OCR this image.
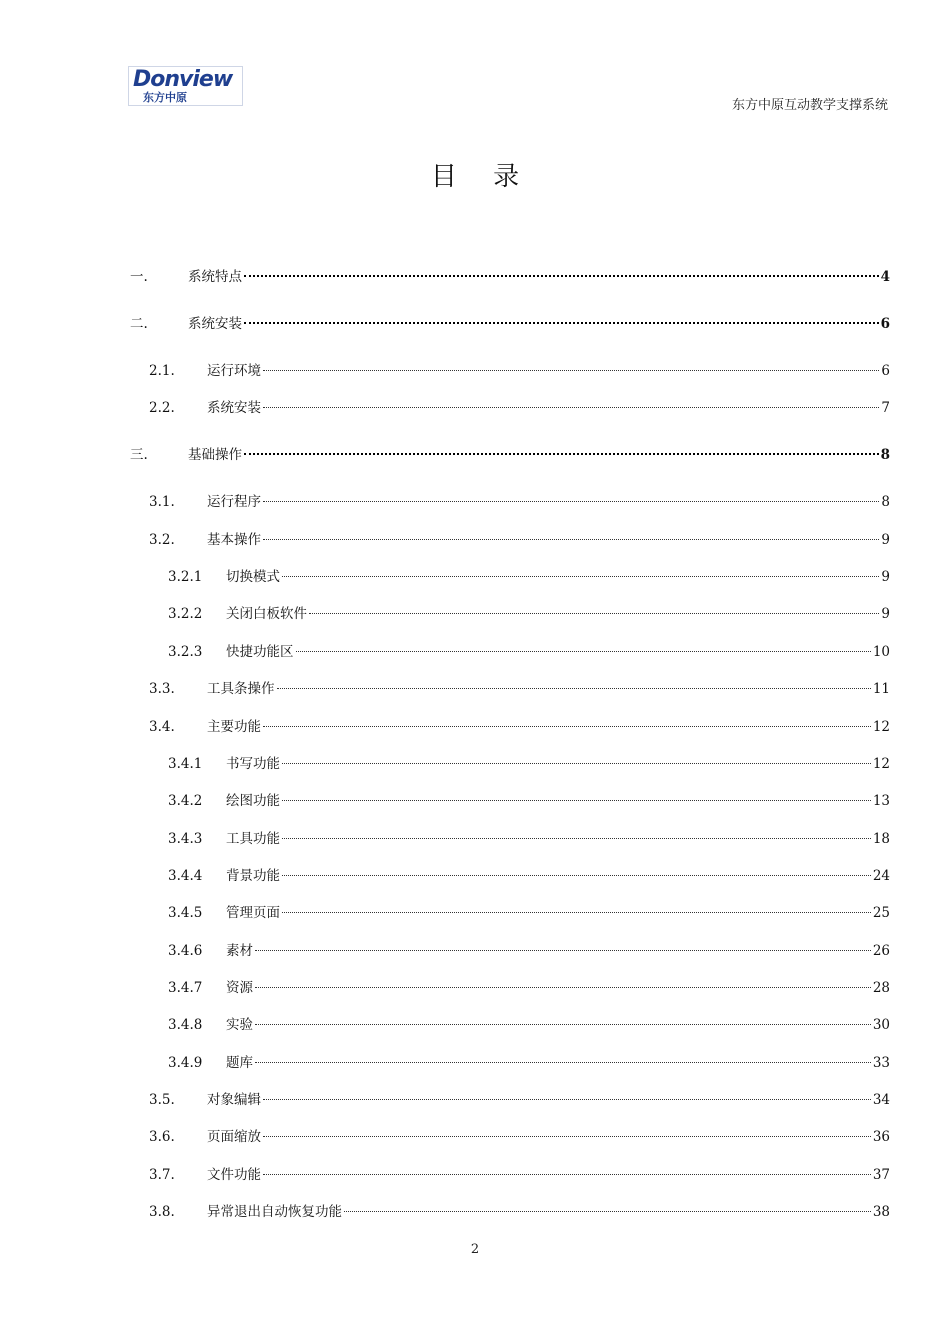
Donview
东方中原
东方中原互动教学支撑系统
目 录
一.	系统特点	4
二.	系统安装	6
2.1.	运行环境	6
2.2.	系统安装	7
三.	基础操作	8
3.1.	运行程序	8
3.2.	基本操作	9
3.2.1	切换模式	9
3.2.2	关闭白板软件	9
3.2.3	快捷功能区	10
3.3.	工具条操作	11
3.4.	主要功能	12
3.4.1	书写功能	12
3.4.2	绘图功能	13
3.4.3	工具功能	18
3.4.4	背景功能	24
3.4.5	管理页面	25
3.4.6	素材	26
3.4.7	资源	28
3.4.8	实验	30
3.4.9	题库	33
3.5.	对象编辑	34
3.6.	页面缩放	36
3.7.	文件功能	37
3.8.	异常退出自动恢复功能	38
2
